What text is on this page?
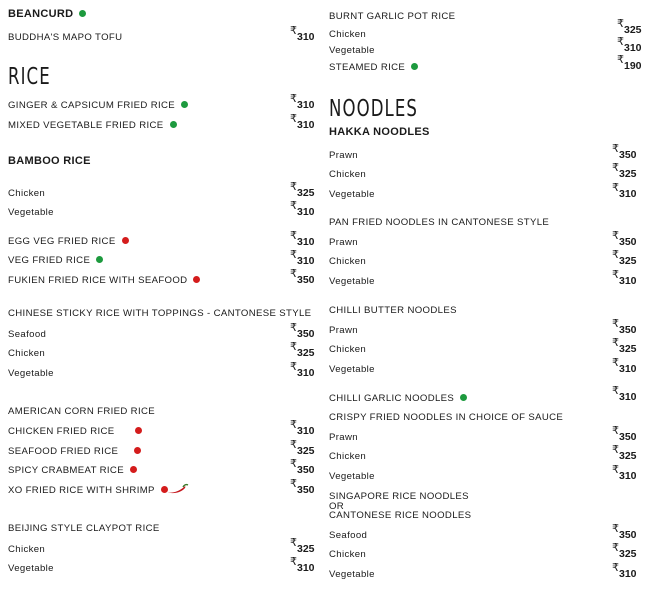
BEANCURD
BUDDHA'S MAPO TOFU
₹ 310
RICE
GINGER & CAPSICUM FRIED RICE
₹ 310
MIXED VEGETABLE FRIED RICE
₹ 310
BAMBOO RICE
Chicken
₹ 325
Vegetable
₹ 310
EGG VEG FRIED RICE	₹ 310
VEG FRIED RICE	₹ 310
FUKIEN FRIED RICE WITH SEAFOOD
₹ 350
CHINESE STICKY RICE WITH TOPPINGS - CANTONESE STYLE
Seafood
₹ 350
Chicken
₹ 325
Vegetable
₹ 310
AMERICAN CORN FRIED RICE
CHICKEN FRIED RICE
₹ 310
SEAFOOD FRIED RICE
₹ 325
SPICY CRABMEAT RICE
₹ 350
XO FRIED RICE WITH SHRIMP
₹ 350
BEIJING STYLE CLAYPOT RICE
Chicken
₹ 325
Vegetable
₹ 310
BURNT GARLIC POT RICE
Chicken
₹ 325
Vegetable
₹ 310
STEAMED RICE
₹ 190
NOODLES
HAKKA NOODLES
Prawn
₹ 350
Chicken
₹ 325
Vegetable
₹ 310
PAN FRIED NOODLES IN CANTONESE STYLE
Prawn
₹ 350
Chicken
₹ 325
Vegetable
₹ 310
CHILLI BUTTER NOODLES
Prawn
₹ 350
Chicken
₹ 325
Vegetable
₹ 310
CHILLI GARLIC NOODLES
₹ 310
CRISPY FRIED NOODLES IN CHOICE OF SAUCE
Prawn
₹ 350
Chicken
₹ 325
Vegetable
₹ 310
SINGAPORE RICE NOODLES
OR
CANTONESE RICE NOODLES
Seafood
₹ 350
Chicken
₹ 325
Vegetable
₹ 310
